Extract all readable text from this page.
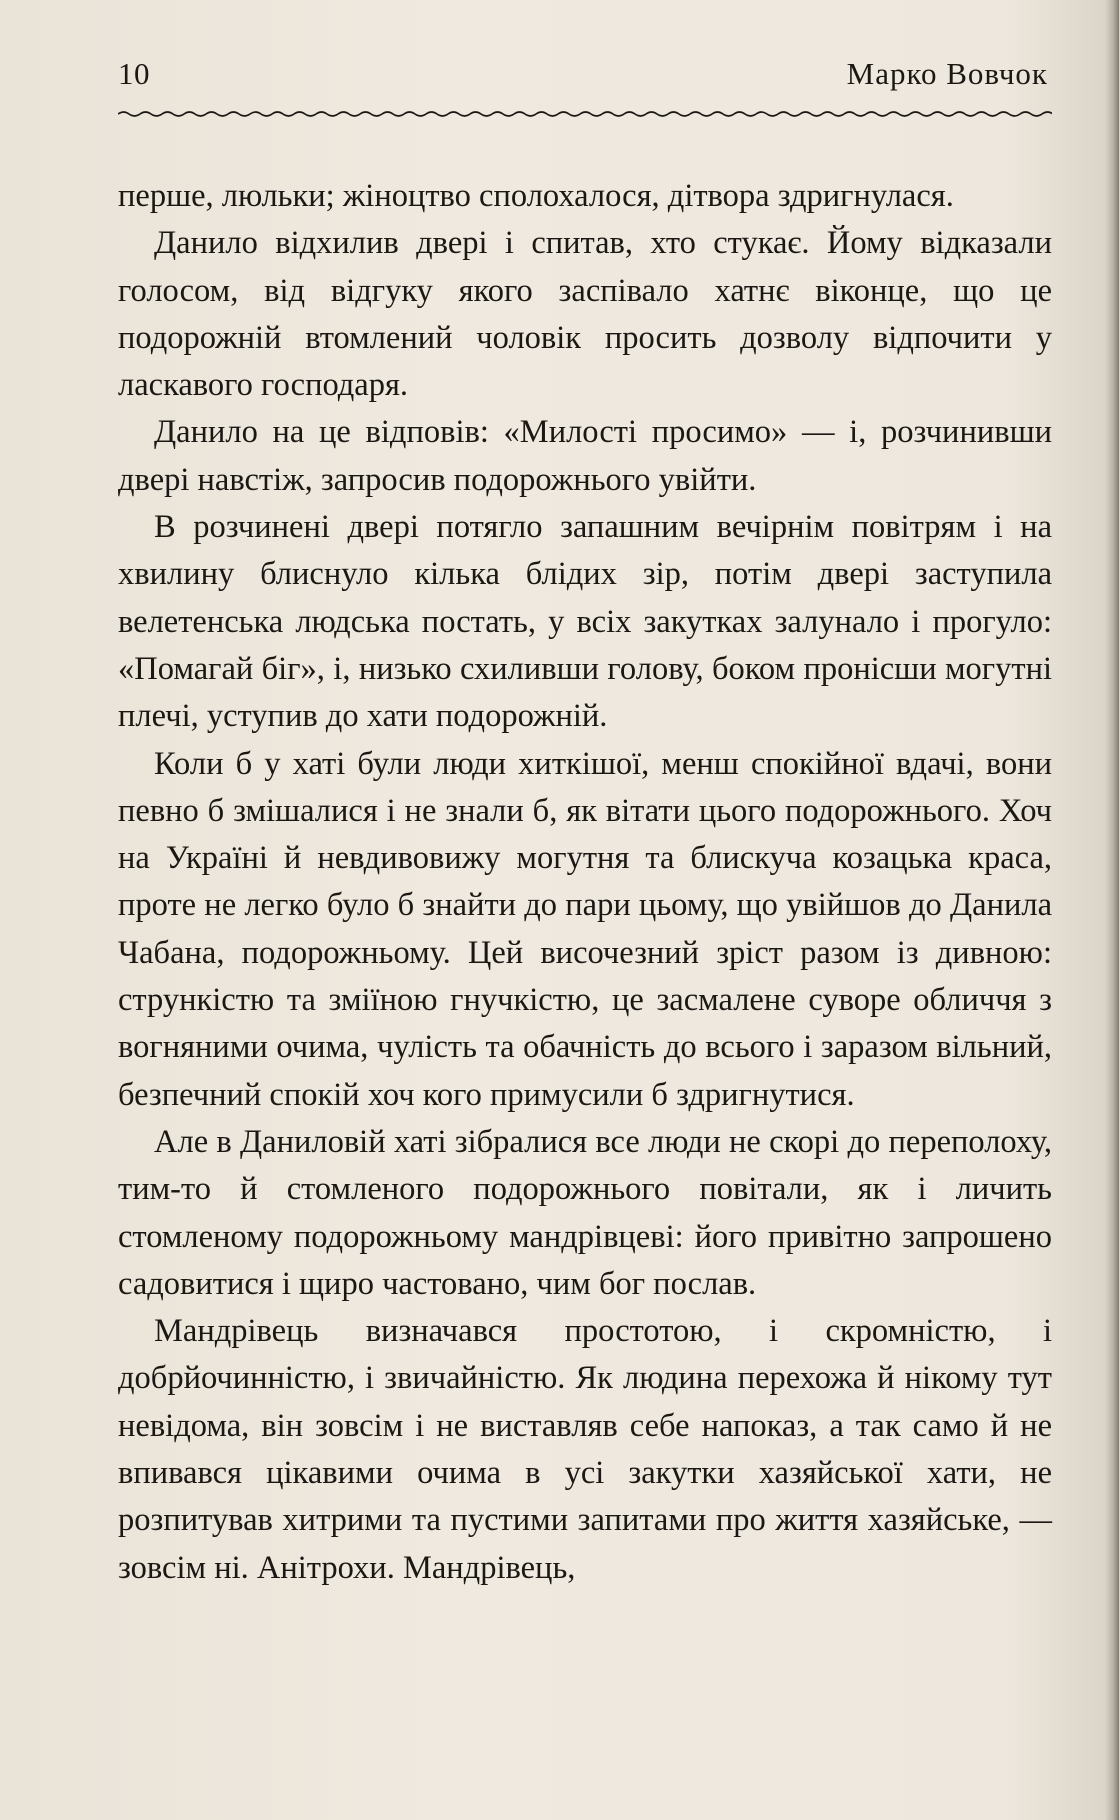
10	Марко Вовчок

перше, люльки; жіноцтво сполохалося, дітвора здригнулася.

Данило відхилив двері і спитав, хто стукає. Йому відказали голосом, від відгуку якого заспівало хатнє віконце, що це подорожній втомлений чоловік просить дозволу відпочити у ласкавого господаря.

Данило на це відповів: «Милості просимо» — і, розчинивши двері навстіж, запросив подорожнього увійти.

В розчинені двері потягло запашним вечірнім повітрям і на хвилину блиснуло кілька блідих зір, потім двері заступила велетенська людська постать, у всіх закутках залунало і прогуло: «Помагай біг», і, низько схиливши голову, боком пронісши могутні плечі, уступив до хати подорожній.

Коли б у хаті були люди хиткішої, менш спокійної вдачі, вони певно б змішалися і не знали б, як вітати цього подорожнього. Хоч на Україні й невдивовижу могутня та блискуча козацька краса, проте не легко було б знайти до пари цьому, що увійшов до Данила Чабана, подорожньому. Цей височезний зріст разом із дивною: стрункістю та зміїною гнучкістю, це засмалене суворе обличчя з вогняними очима, чулість та обачність до всього і заразом вільний, безпечний спокій хоч кого примусили б здригнутися.

Але в Даниловій хаті зібралися все люди не скорі до переполоху, тим-то й стомленого подорожнього повітали, як і личить стомленому подорожньому мандрівцеві: його привітно запрошено садовитися і щиро частовано, чим бог послав.

Мандрівець визначався простотою, і скромністю, і добрйочинністю, і звичайністю. Як людина перехожа й нікому тут невідома, він зовсім і не виставляв себе напоказ, а так само й не впивався цікавими очима в усі закутки хазяйської хати, не розпитував хитрими та пустими запитами про життя хазяйське, — зовсім ні. Анітрохи. Мандрівець,
